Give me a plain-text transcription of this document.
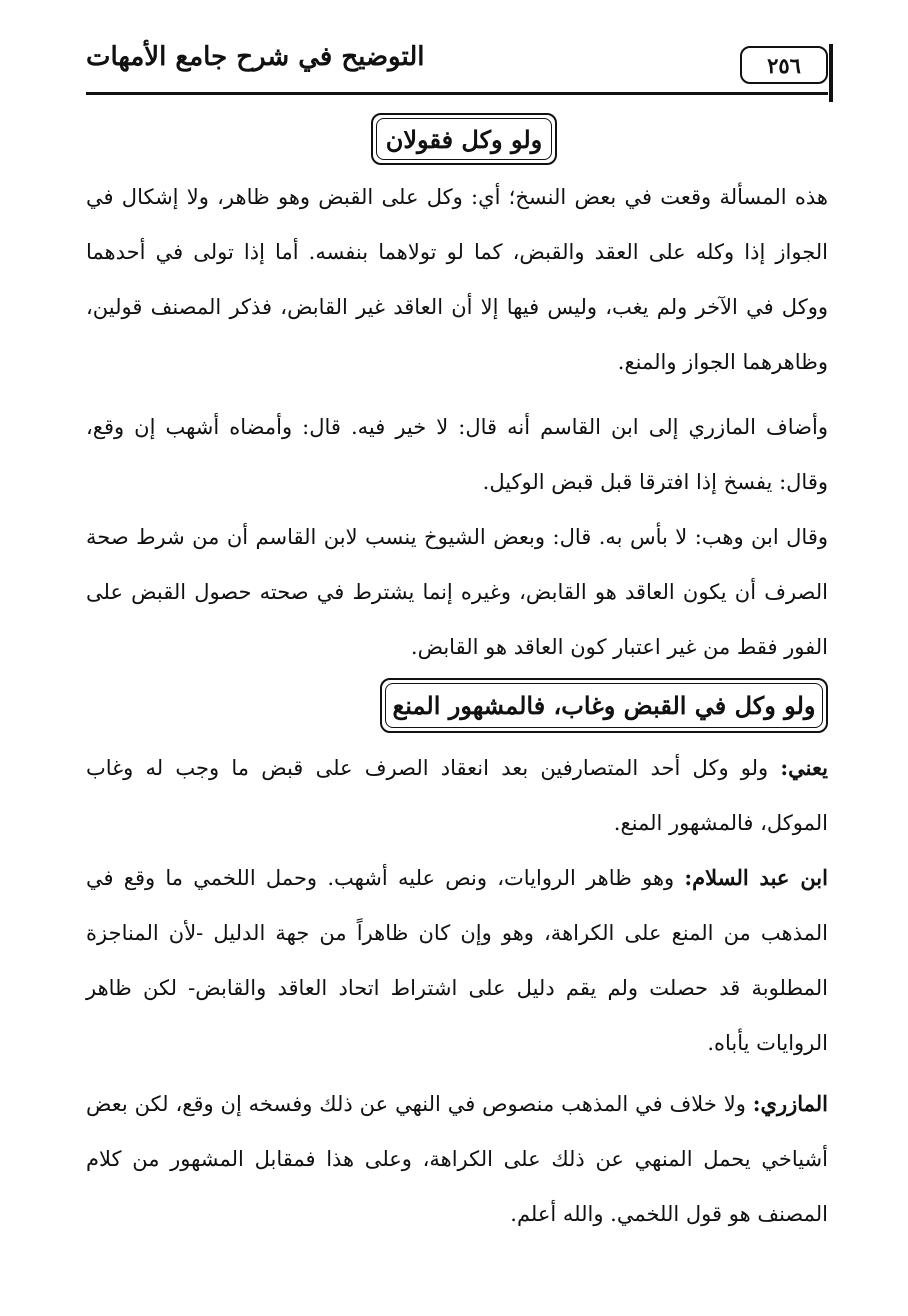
٢٥٦
التوضيح في شرح جامع الأمهات
ولو وكل فقولان

هذه المسألة وقعت في بعض النسخ؛ أي: وكل على القبض وهو ظاهر، ولا إشكال في الجواز إذا وكله على العقد والقبض، كما لو تولاهما بنفسه. أما إذا تولى في أحدهما ووكل في الآخر ولم يغب، وليس فيها إلا أن العاقد غير القابض، فذكر المصنف قولين، وظاهرهما الجواز والمنع.

وأضاف المازري إلى ابن القاسم أنه قال: لا خير فيه. قال: وأمضاه أشهب إن وقع، وقال: يفسخ إذا افترقا قبل قبض الوكيل.

وقال ابن وهب: لا بأس به. قال: وبعض الشيوخ ينسب لابن القاسم أن من شرط صحة الصرف أن يكون العاقد هو القابض، وغيره إنما يشترط في صحته حصول القبض على الفور فقط من غير اعتبار كون العاقد هو القابض.

ولو وكل في القبض وغاب، فالمشهور المنع

يعني: ولو وكل أحد المتصارفين بعد انعقاد الصرف على قبض ما وجب له وغاب الموكل، فالمشهور المنع.

ابن عبد السلام: وهو ظاهر الروايات، ونص عليه أشهب. وحمل اللخمي ما وقع في المذهب من المنع على الكراهة، وهو وإن كان ظاهراً من جهة الدليل -لأن المناجزة المطلوبة قد حصلت ولم يقم دليل على اشتراط اتحاد العاقد والقابض- لكن ظاهر الروايات يأباه.

المازري: ولا خلاف في المذهب منصوص في النهي عن ذلك وفسخه إن وقع، لكن بعض أشياخي يحمل المنهي عن ذلك على الكراهة، وعلى هذا فمقابل المشهور من كلام المصنف هو قول اللخمي. والله أعلم.
